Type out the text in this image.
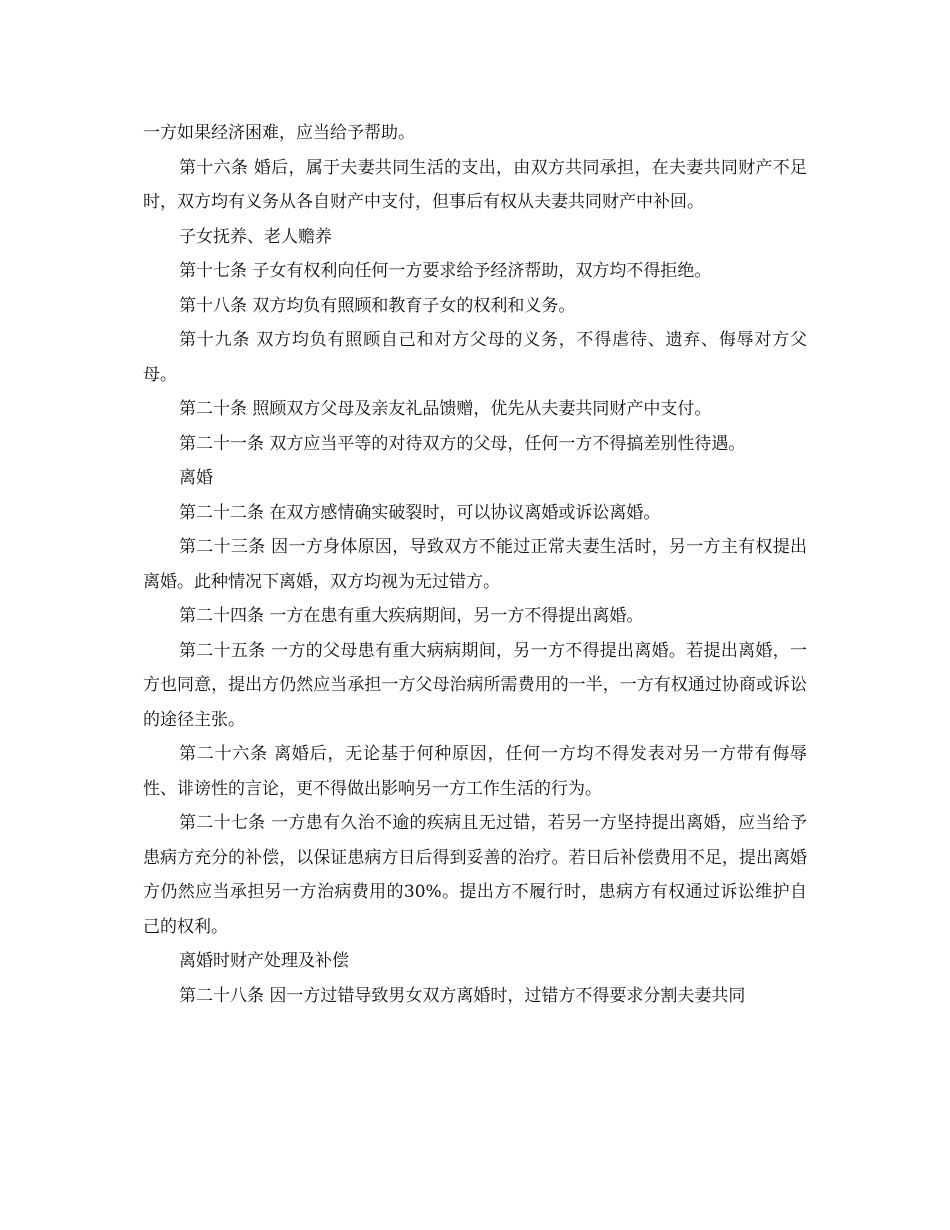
一方如果经济困难，应当给予帮助。

第十六条 婚后，属于夫妻共同生活的支出，由双方共同承担，在夫妻共同财产不足时，双方均有义务从各自财产中支付，但事后有权从夫妻共同财产中补回。

子女抚养、老人赡养

第十七条 子女有权利向任何一方要求给予经济帮助，双方均不得拒绝。

第十八条 双方均负有照顾和教育子女的权利和义务。

第十九条 双方均负有照顾自己和对方父母的义务，不得虐待、遗弃、侮辱对方父母。

第二十条 照顾双方父母及亲友礼品馈赠，优先从夫妻共同财产中支付。

第二十一条 双方应当平等的对待双方的父母，任何一方不得搞差别性待遇。

离婚

第二十二条 在双方感情确实破裂时，可以协议离婚或诉讼离婚。

第二十三条 因一方身体原因，导致双方不能过正常夫妻生活时，另一方主有权提出离婚。此种情况下离婚，双方均视为无过错方。

第二十四条 一方在患有重大疾病期间，另一方不得提出离婚。

第二十五条 一方的父母患有重大病病期间，另一方不得提出离婚。若提出离婚，一方也同意，提出方仍然应当承担一方父母治病所需费用的一半，一方有权通过协商或诉讼的途径主张。

第二十六条 离婚后，无论基于何种原因，任何一方均不得发表对另一方带有侮辱性、诽谤性的言论，更不得做出影响另一方工作生活的行为。

第二十七条 一方患有久治不逾的疾病且无过错，若另一方坚持提出离婚，应当给予患病方充分的补偿，以保证患病方日后得到妥善的治疗。若日后补偿费用不足，提出离婚方仍然应当承担另一方治病费用的30%。提出方不履行时，患病方有权通过诉讼维护自己的权利。

离婚时财产处理及补偿

第二十八条 因一方过错导致男女双方离婚时，过错方不得要求分割夫妻共同
